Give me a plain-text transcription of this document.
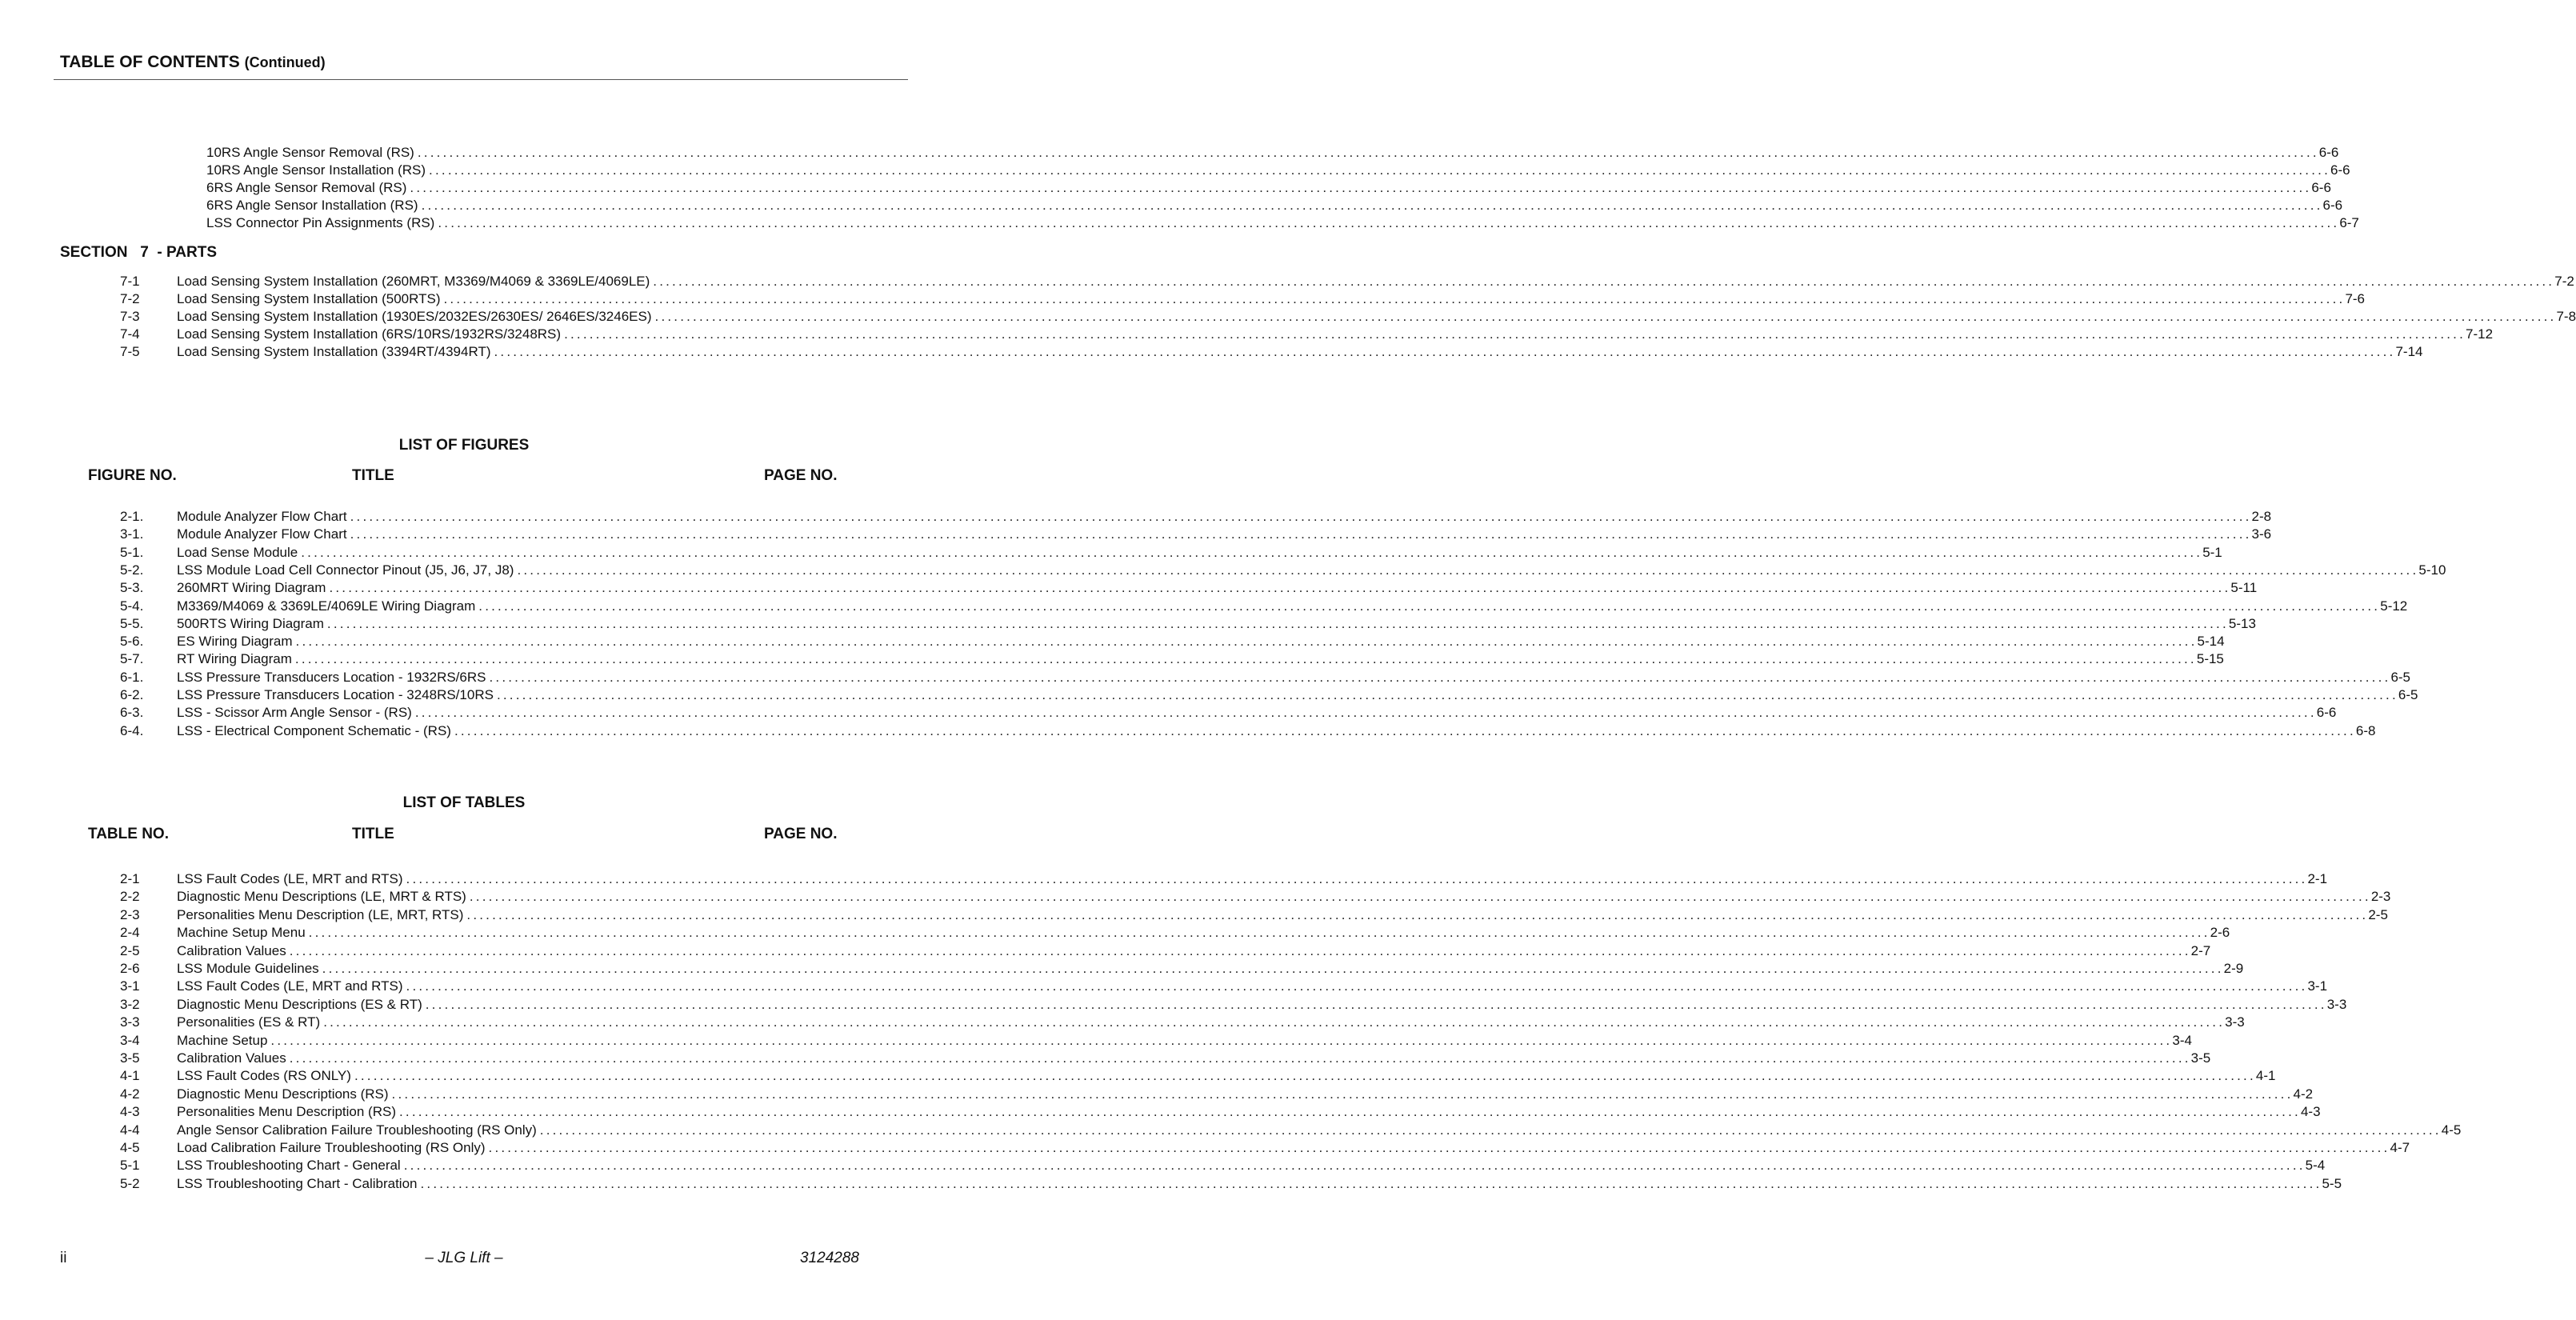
TABLE OF CONTENTS (Continued)
10RS Angle Sensor Removal (RS) ............................................................................................................................................................................................................................................................................................................ 6-6
10RS Angle Sensor Installation (RS) ............................................................................................................................................................................................................................................................................................................ 6-6
6RS Angle Sensor Removal (RS) ............................................................................................................................................................................................................................................................................................................ 6-6
6RS Angle Sensor Installation (RS) ............................................................................................................................................................................................................................................................................................................ 6-6
LSS Connector Pin Assignments (RS) ............................................................................................................................................................................................................................................................................................................ 6-7
SECTION   7  - PARTS
7-1	Load Sensing System Installation (260MRT, M3369/M4069 & 3369LE/4069LE) ............................................................................................................................................................................................................................................................................................................ 7-2
7-2	Load Sensing System Installation (500RTS) ............................................................................................................................................................................................................................................................................................................ 7-6
7-3	Load Sensing System Installation (1930ES/2032ES/2630ES/ 2646ES/3246ES) ............................................................................................................................................................................................................................................................................................................ 7-8
7-4	Load Sensing System Installation (6RS/10RS/1932RS/3248RS) ............................................................................................................................................................................................................................................................................................................ 7-12
7-5	Load Sensing System Installation (3394RT/4394RT) ............................................................................................................................................................................................................................................................................................................ 7-14
LIST OF FIGURES
FIGURE NO.	TITLE	PAGE NO.
2-1. Module Analyzer Flow Chart ............................................................................................................................................................................................................................................................................................................ 2-8
3-1. Module Analyzer Flow Chart ............................................................................................................................................................................................................................................................................................................ 3-6
5-1. Load Sense Module ............................................................................................................................................................................................................................................................................................................ 5-1
5-2. LSS Module Load Cell Connector Pinout (J5, J6, J7, J8) ............................................................................................................................................................................................................................................................................................................ 5-10
5-3. 260MRT Wiring Diagram ............................................................................................................................................................................................................................................................................................................ 5-11
5-4. M3369/M4069 & 3369LE/4069LE Wiring Diagram ............................................................................................................................................................................................................................................................................................................ 5-12
5-5. 500RTS Wiring Diagram ............................................................................................................................................................................................................................................................................................................ 5-13
5-6. ES Wiring Diagram ............................................................................................................................................................................................................................................................................................................ 5-14
5-7. RT Wiring Diagram ............................................................................................................................................................................................................................................................................................................ 5-15
6-1. LSS Pressure Transducers Location - 1932RS/6RS ............................................................................................................................................................................................................................................................................................................ 6-5
6-2. LSS Pressure Transducers Location - 3248RS/10RS ............................................................................................................................................................................................................................................................................................................ 6-5
6-3. LSS - Scissor Arm Angle Sensor - (RS) ............................................................................................................................................................................................................................................................................................................ 6-6
6-4. LSS - Electrical Component Schematic - (RS) ............................................................................................................................................................................................................................................................................................................ 6-8
LIST OF TABLES
TABLE NO.	TITLE	PAGE NO.
2-1	LSS Fault Codes (LE, MRT and RTS) ............................................................................................................................................................................................................................................................................................................ 2-1
2-2	Diagnostic Menu Descriptions (LE, MRT & RTS) ............................................................................................................................................................................................................................................................................................................ 2-3
2-3	Personalities Menu Description (LE, MRT, RTS) ............................................................................................................................................................................................................................................................................................................ 2-5
2-4	Machine Setup Menu ............................................................................................................................................................................................................................................................................................................ 2-6
2-5	Calibration Values ............................................................................................................................................................................................................................................................................................................ 2-7
2-6	LSS Module Guidelines ............................................................................................................................................................................................................................................................................................................ 2-9
3-1	LSS Fault Codes (LE, MRT and RTS) ............................................................................................................................................................................................................................................................................................................ 3-1
3-2	Diagnostic Menu Descriptions (ES & RT) ............................................................................................................................................................................................................................................................................................................ 3-3
3-3	Personalities (ES & RT) ............................................................................................................................................................................................................................................................................................................ 3-3
3-4	Machine Setup ............................................................................................................................................................................................................................................................................................................ 3-4
3-5	Calibration Values ............................................................................................................................................................................................................................................................................................................ 3-5
4-1	LSS Fault Codes (RS ONLY) ............................................................................................................................................................................................................................................................................................................ 4-1
4-2	Diagnostic Menu Descriptions (RS) ............................................................................................................................................................................................................................................................................................................ 4-2
4-3	Personalities Menu Description (RS) ............................................................................................................................................................................................................................................................................................................ 4-3
4-4	Angle Sensor Calibration Failure Troubleshooting (RS Only) ............................................................................................................................................................................................................................................................................................................ 4-5
4-5	Load Calibration Failure Troubleshooting (RS Only) ............................................................................................................................................................................................................................................................................................................ 4-7
5-1	LSS Troubleshooting Chart - General ............................................................................................................................................................................................................................................................................................................ 5-4
5-2	LSS Troubleshooting Chart - Calibration ............................................................................................................................................................................................................................................................................................................ 5-5
ii	– JLG Lift –	3124288
